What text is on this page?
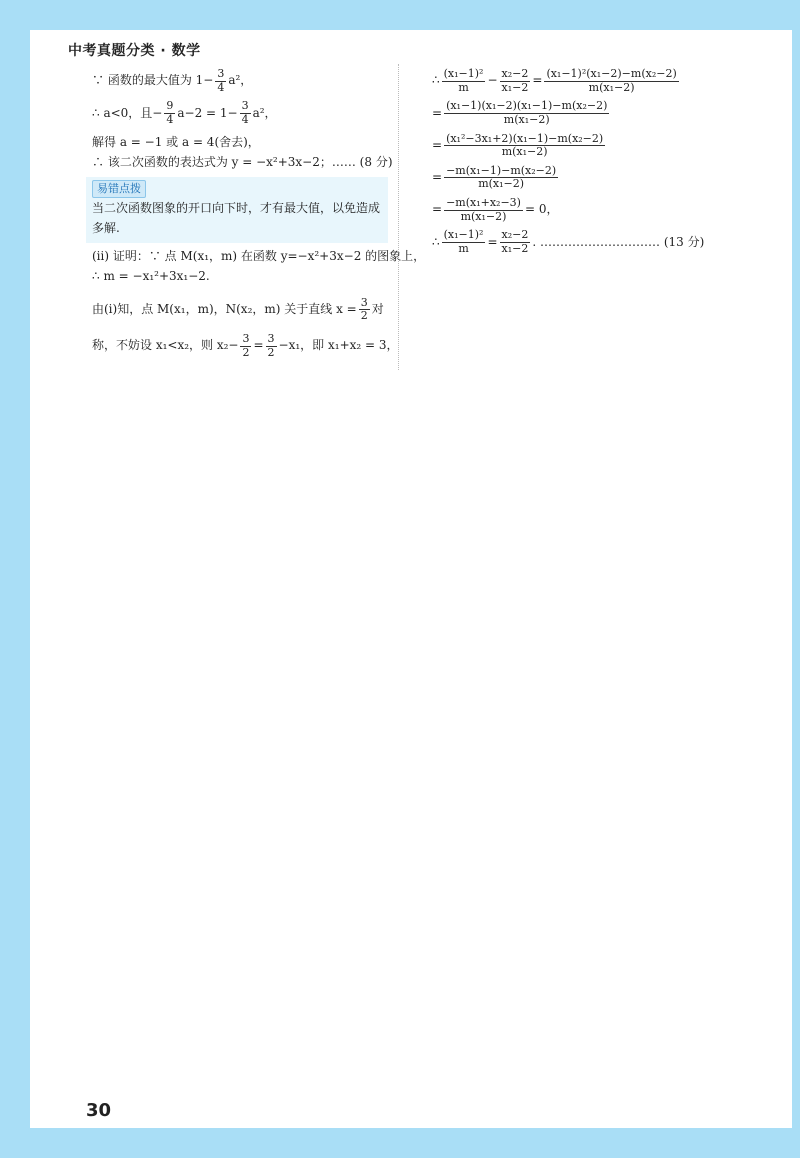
中考真题分类 · 数学
∵ 函数的最大值为 $1- \frac{3}{4} a^2$，
∴ a<0，且− $\frac{9}{4} a-2 = 1- \frac{3}{4} a^2$，
解得 a = −1 或 a = 4(舍去)，
∴ 该二次函数的表达式为 y = −x²+3x−2；…… (8 分)
易错点拨
当二次函数图象的开口向下时，才有最大值，以免造成多解.
(ⅱ) 证明：∵ 点 M(x₁，m) 在函数 y=−x²+3x−2 的图象上，
∴ m = −x₁²+3x₁−2.
由(ⅰ)知，点 M(x₁，m)，N(x₂，m) 关于直线 $x = \frac{3}{2}$ 对
称，不妨设 x₁<x₂，则 $x_2- \frac{3}{2} = \frac{3}{2} -x_1$，即 x₁+x₂ = 3，
∴ $\frac{\text{(x₁−1)²}}{m} - \frac{\text{x₂−2}}{\text{x₁−2}} = \frac{\text{(x₁−1)²(x₁−2)−m(x₂−2)}}{\text{m(x₁−2)}}$
= $\frac{\text{(x₁−1)(x₁−2)(x₁−1)−m(x₂−2)}}{\text{m(x₁−2)}}$
= $\frac{\text{(x₁²−3x₁+2)(x₁−1)−m(x₂−2)}}{\text{m(x₁−2)}}$
= $\frac{\text{−m(x₁−1)−m(x₂−2)}}{\text{m(x₁−2)}}$
= $\frac{\text{−m(x₁+x₂−3)}}{\text{m(x₁−2)}} = 0$，
∴ $\frac{\text{(x₁−1)²}}{m} = \frac{\text{x₂−2}}{\text{x₁−2}}$ . ………………………… (13 分)
30
